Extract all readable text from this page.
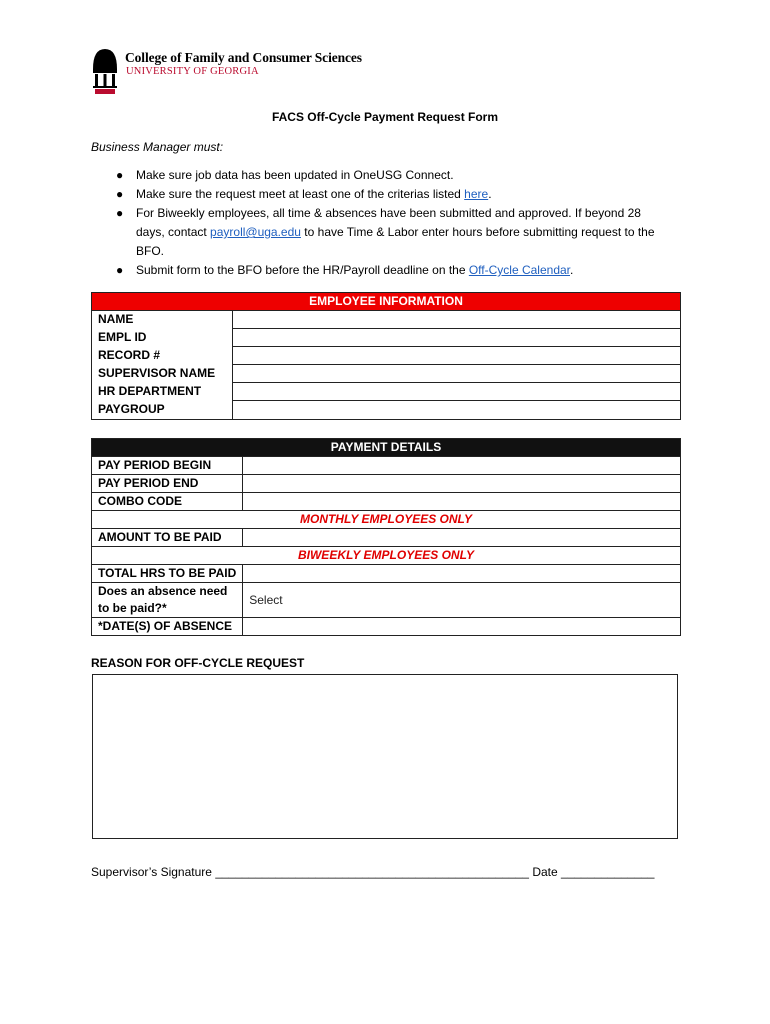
College of Family and Consumer Sciences
UNIVERSITY OF GEORGIA
FACS Off-Cycle Payment Request Form
Business Manager must:
● Make sure job data has been updated in OneUSG Connect.
● Make sure the request meet at least one of the criterias listed here.
● For Biweekly employees, all time & absences have been submitted and approved. If beyond 28 days, contact payroll@uga.edu to have Time & Labor enter hours before submitting request to the BFO.
● Submit form to the BFO before the HR/Payroll deadline on the Off-Cycle Calendar.
EMPLOYEE INFORMATION	
NAME	
EMPL ID	
RECORD #	
SUPERVISOR NAME	
HR DEPARTMENT	
PAYGROUP	
PAYMENT DETAILS	
PAY PERIOD BEGIN	
PAY PERIOD END	
COMBO CODE	
MONTHLY EMPLOYEES ONLY	
AMOUNT TO BE PAID	
BIWEEKLY EMPLOYEES ONLY	
TOTAL HRS TO BE PAID	
Does an absence need
to be paid?*	Select
*DATE(S) OF ABSENCE	
REASON FOR OFF-CYCLE REQUEST
Supervisor’s Signature _______________________________________________ Date ______________
